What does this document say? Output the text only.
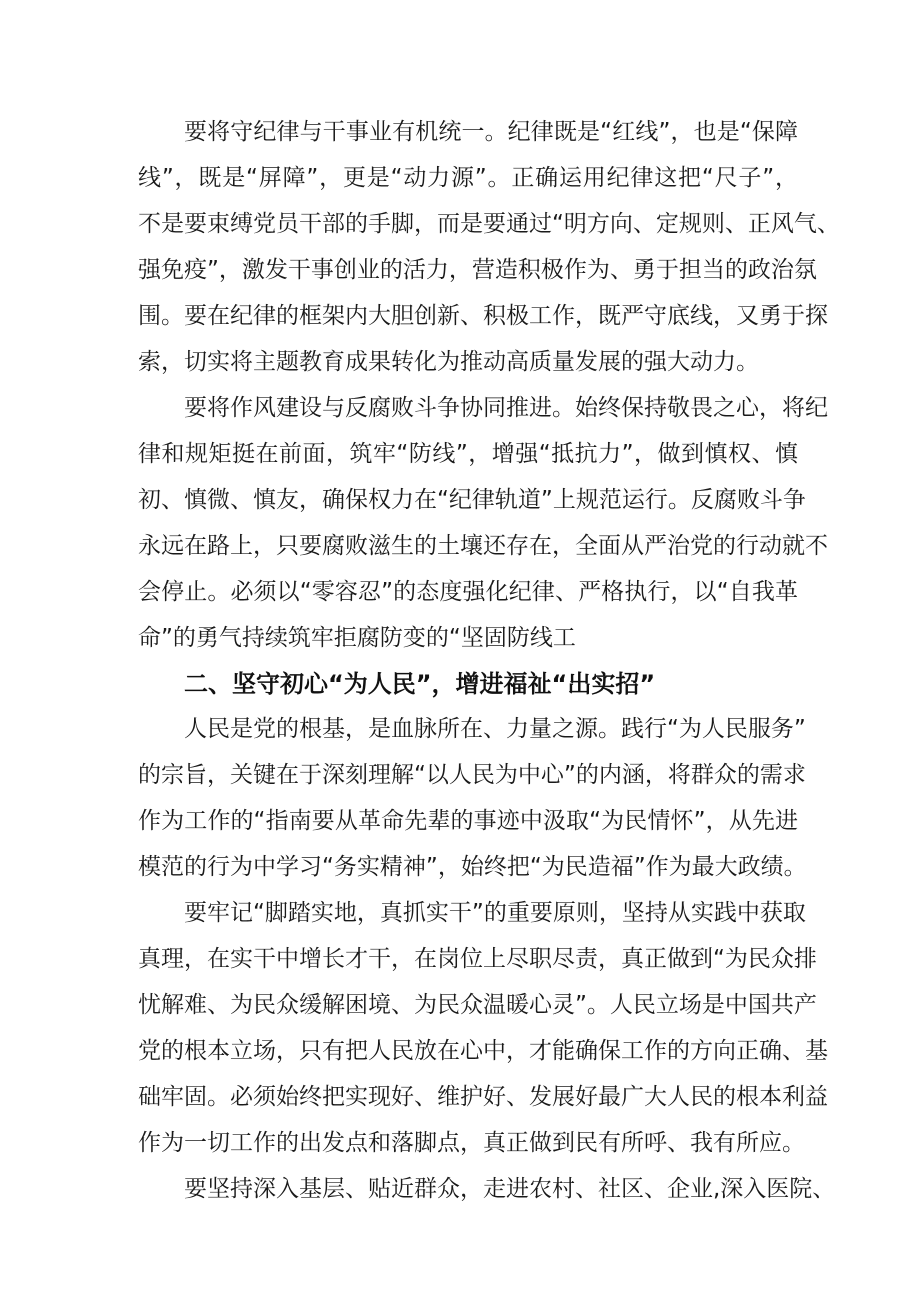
要将守纪律与干事业有机统一。纪律既是“红线”，也是“保障
线”，既是“屏障”，更是“动力源”。正确运用纪律这把“尺子”，
不是要束缚党员干部的手脚，而是要通过“明方向、定规则、正风气、
强免疫”，激发干事创业的活力，营造积极作为、勇于担当的政治氛
围。要在纪律的框架内大胆创新、积极工作，既严守底线，又勇于探
索，切实将主题教育成果转化为推动高质量发展的强大动力。
要将作风建设与反腐败斗争协同推进。始终保持敬畏之心，将纪
律和规矩挺在前面，筑牢“防线”，增强“抵抗力”，做到慎权、慎
初、慎微、慎友，确保权力在“纪律轨道”上规范运行。反腐败斗争
永远在路上，只要腐败滋生的土壤还存在，全面从严治党的行动就不
会停止。必须以“零容忍”的态度强化纪律、严格执行，以“自我革
命”的勇气持续筑牢拒腐防变的“坚固防线工
二、坚守初心“为人民”，增进福祉“出实招”
人民是党的根基，是血脉所在、力量之源。践行“为人民服务”
的宗旨，关键在于深刻理解“以人民为中心”的内涵，将群众的需求
作为工作的“指南要从革命先辈的事迹中汲取“为民情怀”，从先进
模范的行为中学习“务实精神”，始终把“为民造福”作为最大政绩。
要牢记“脚踏实地，真抓实干”的重要原则，坚持从实践中获取
真理，在实干中增长才干，在岗位上尽职尽责，真正做到“为民众排
忧解难、为民众缓解困境、为民众温暖心灵”。人民立场是中国共产
党的根本立场，只有把人民放在心中，才能确保工作的方向正确、基
础牢固。必须始终把实现好、维护好、发展好最广大人民的根本利益
作为一切工作的出发点和落脚点，真正做到民有所呼、我有所应。
要坚持深入基层、贴近群众，走进农村、社区、企业,深入医院、
